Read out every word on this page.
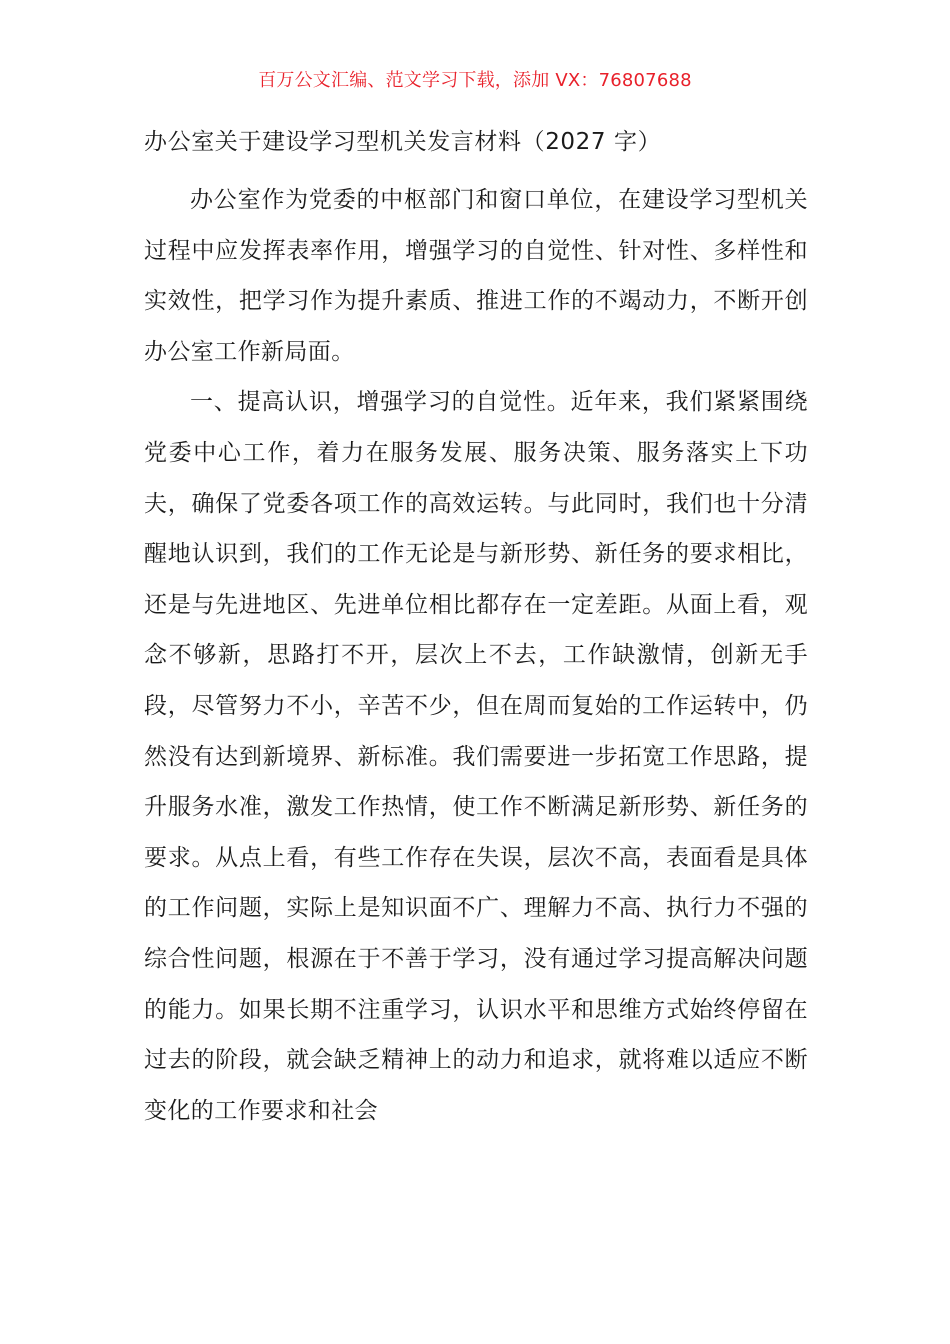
百万公文汇编、范文学习下载，添加 VX：76807688
办公室关于建设学习型机关发言材料（2027 字）

办公室作为党委的中枢部门和窗口单位，在建设学习型机关过程中应发挥表率作用，增强学习的自觉性、针对性、多样性和实效性，把学习作为提升素质、推进工作的不竭动力，不断开创办公室工作新局面。

一、提高认识，增强学习的自觉性。近年来，我们紧紧围绕党委中心工作，着力在服务发展、服务决策、服务落实上下功夫，确保了党委各项工作的高效运转。与此同时，我们也十分清醒地认识到，我们的工作无论是与新形势、新任务的要求相比，还是与先进地区、先进单位相比都存在一定差距。从面上看，观念不够新，思路打不开，层次上不去，工作缺激情，创新无手段，尽管努力不小，辛苦不少，但在周而复始的工作运转中，仍然没有达到新境界、新标准。我们需要进一步拓宽工作思路，提升服务水准，激发工作热情，使工作不断满足新形势、新任务的要求。从点上看，有些工作存在失误，层次不高，表面看是具体的工作问题，实际上是知识面不广、理解力不高、执行力不强的综合性问题，根源在于不善于学习，没有通过学习提高解决问题的能力。如果长期不注重学习，认识水平和思维方式始终停留在过去的阶段，就会缺乏精神上的动力和追求，就将难以适应不断变化的工作要求和社会
